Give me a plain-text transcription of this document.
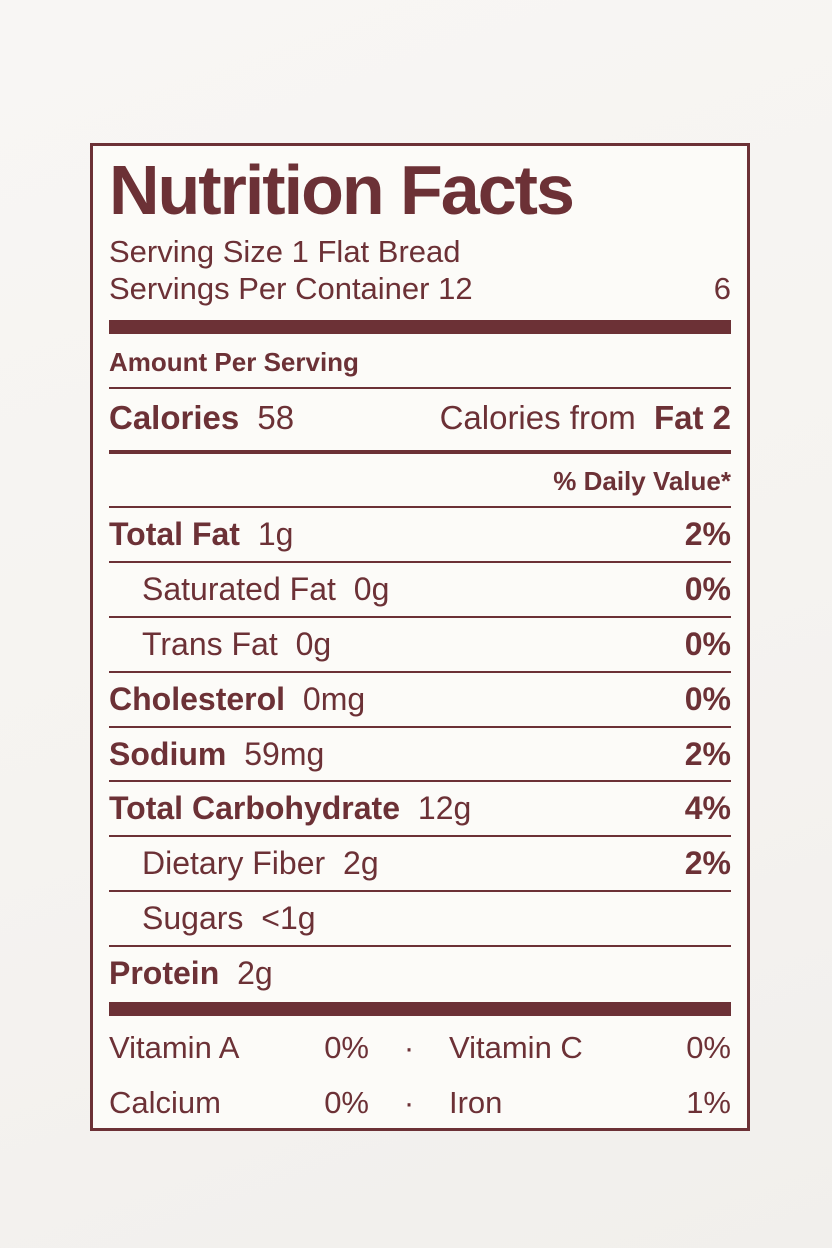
Nutrition Facts
Serving Size 1 Flat Bread
Servings Per Container 12	6
Amount Per Serving
Calories 58	Calories from Fat 2
% Daily Value*
Total Fat 1g	2%
Saturated Fat 0g	0%
Trans Fat 0g	0%
Cholesterol 0mg	0%
Sodium 59mg	2%
Total Carbohydrate 12g	4%
Dietary Fiber 2g	2%
Sugars <1g
Protein 2g
Vitamin A	0%	·	Vitamin C	0%
Calcium	0%	·	Iron	1%
